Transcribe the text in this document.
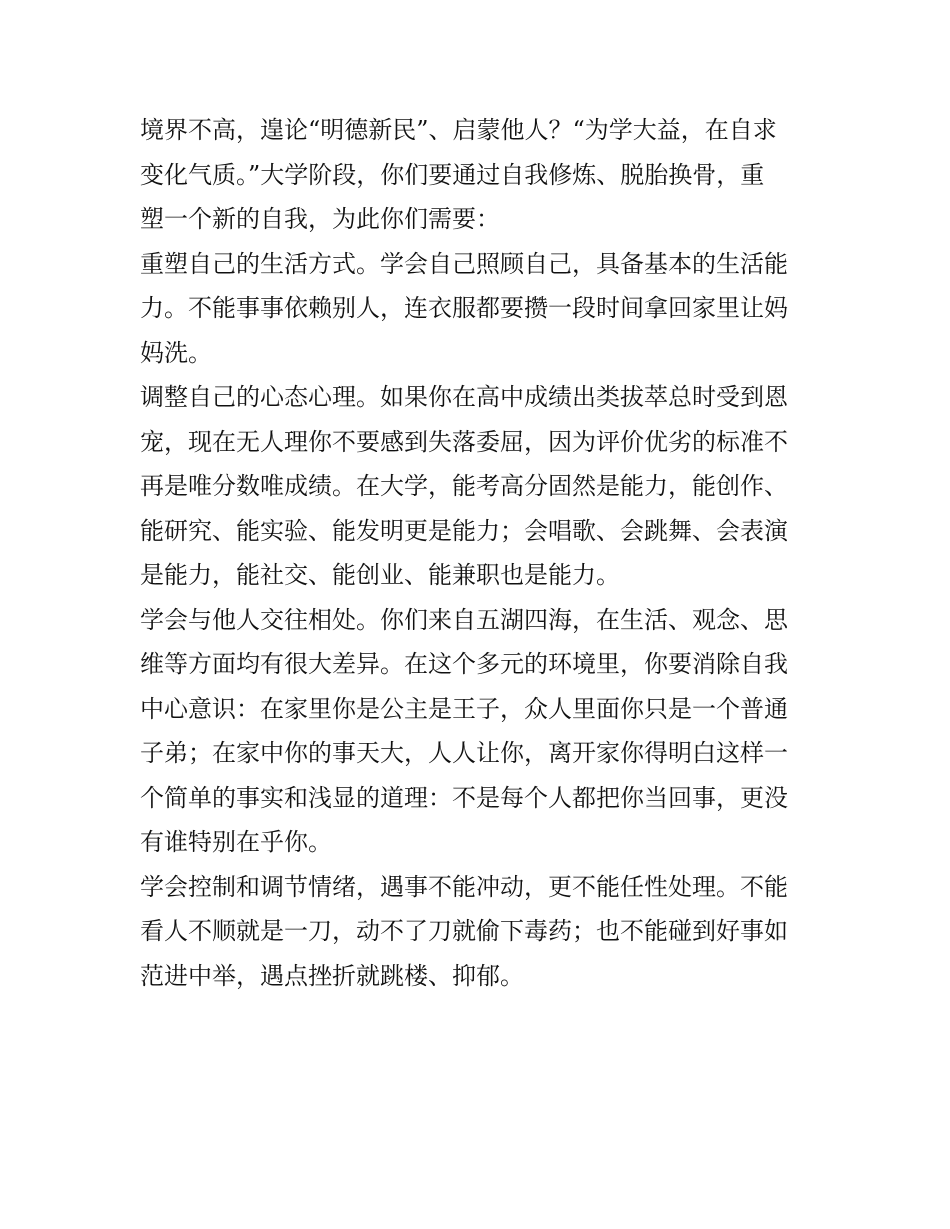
境界不高，遑论“明德新民”、启蒙他人？“为学大益，在自求
变化气质。”大学阶段，你们要通过自我修炼、脱胎换骨，重
塑一个新的自我，为此你们需要：
重塑自己的生活方式。学会自己照顾自己，具备基本的生活能
力。不能事事依赖别人，连衣服都要攒一段时间拿回家里让妈
妈洗。
调整自己的心态心理。如果你在高中成绩出类拔萃总时受到恩
宠，现在无人理你不要感到失落委屈，因为评价优劣的标准不
再是唯分数唯成绩。在大学，能考高分固然是能力，能创作、
能研究、能实验、能发明更是能力；会唱歌、会跳舞、会表演
是能力，能社交、能创业、能兼职也是能力。
学会与他人交往相处。你们来自五湖四海，在生活、观念、思
维等方面均有很大差异。在这个多元的环境里，你要消除自我
中心意识：在家里你是公主是王子，众人里面你只是一个普通
子弟；在家中你的事天大，人人让你，离开家你得明白这样一
个简单的事实和浅显的道理：不是每个人都把你当回事，更没
有谁特别在乎你。
学会控制和调节情绪，遇事不能冲动，更不能任性处理。不能
看人不顺就是一刀，动不了刀就偷下毒药；也不能碰到好事如
范进中举，遇点挫折就跳楼、抑郁。
